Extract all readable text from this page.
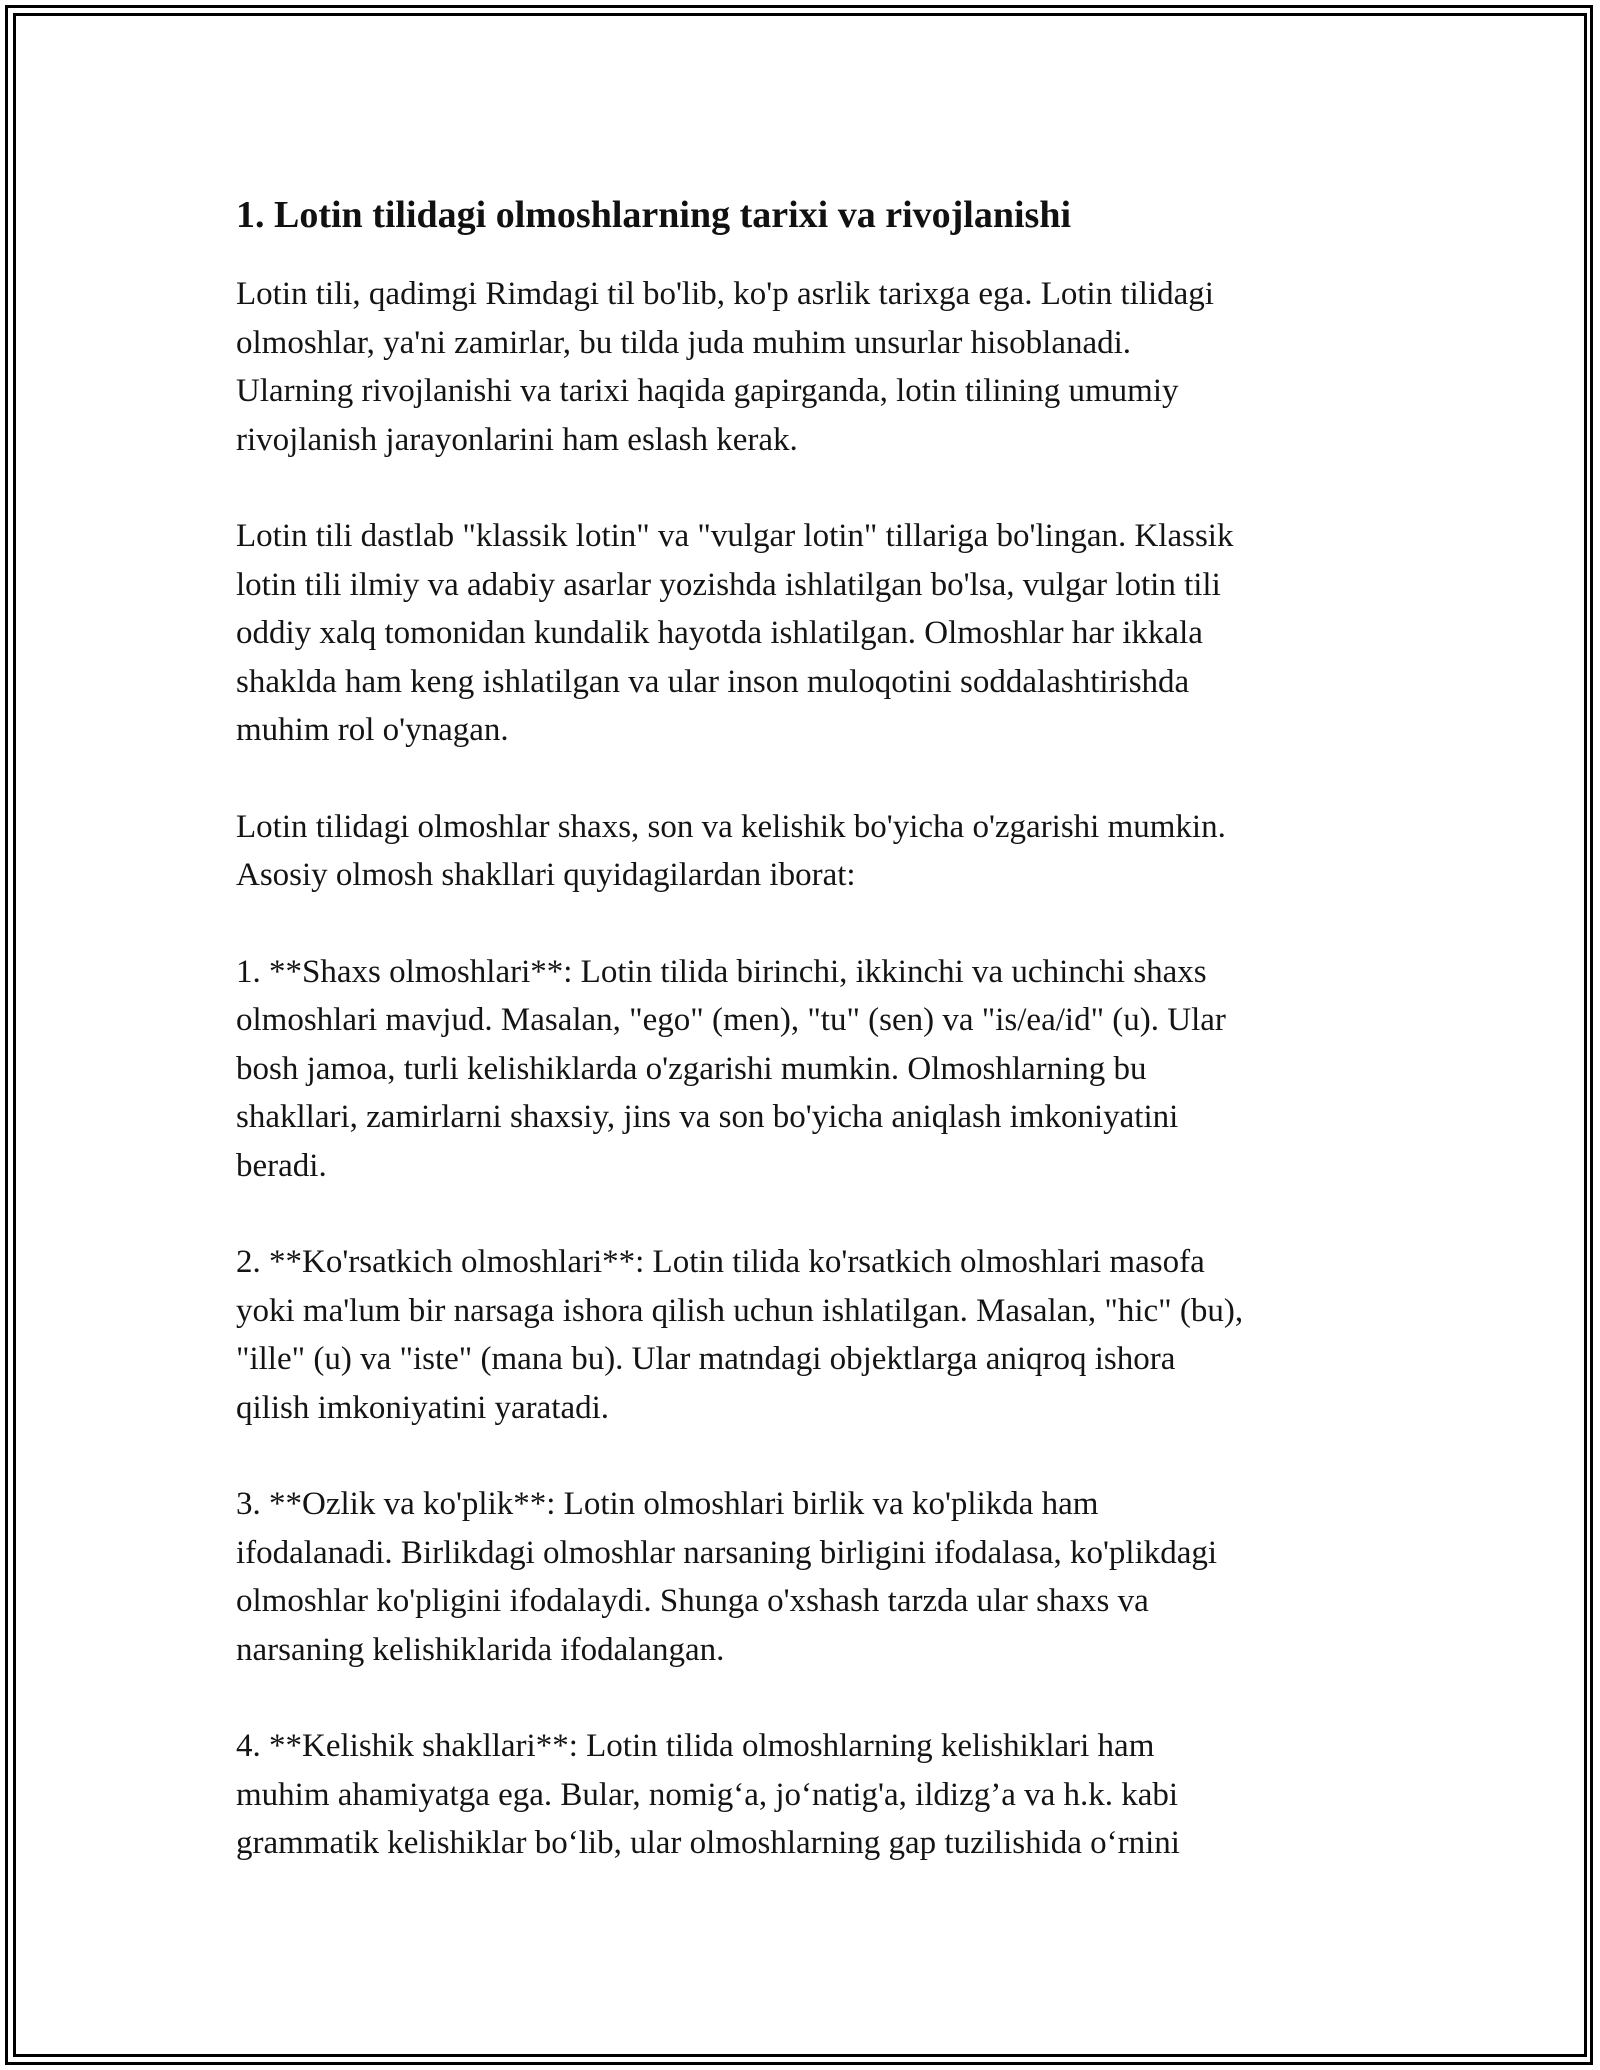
1. Lotin tilidagi olmoshlarning tarixi va rivojlanishi

Lotin tili, qadimgi Rimdagi til bo'lib, ko'p asrlik tarixga ega. Lotin tilidagi
olmoshlar, ya'ni zamirlar, bu tilda juda muhim unsurlar hisoblanadi.
Ularning rivojlanishi va tarixi haqida gapirganda, lotin tilining umumiy
rivojlanish jarayonlarini ham eslash kerak.

Lotin tili dastlab "klassik lotin" va "vulgar lotin" tillariga bo'lingan. Klassik
lotin tili ilmiy va adabiy asarlar yozishda ishlatilgan bo'lsa, vulgar lotin tili
oddiy xalq tomonidan kundalik hayotda ishlatilgan. Olmoshlar har ikkala
shaklda ham keng ishlatilgan va ular inson muloqotini soddalashtirishda
muhim rol o'ynagan.

Lotin tilidagi olmoshlar shaxs, son va kelishik bo'yicha o'zgarishi mumkin.
Asosiy olmosh shakllari quyidagilardan iborat:

1. **Shaxs olmoshlari**: Lotin tilida birinchi, ikkinchi va uchinchi shaxs
olmoshlari mavjud. Masalan, "ego" (men), "tu" (sen) va "is/ea/id" (u). Ular
bosh jamoa, turli kelishiklarda o'zgarishi mumkin. Olmoshlarning bu
shakllari, zamirlarni shaxsiy, jins va son bo'yicha aniqlash imkoniyatini
beradi.

2. **Ko'rsatkich olmoshlari**: Lotin tilida ko'rsatkich olmoshlari masofa
yoki ma'lum bir narsaga ishora qilish uchun ishlatilgan. Masalan, "hic" (bu),
"ille" (u) va "iste" (mana bu). Ular matndagi objektlarga aniqroq ishora
qilish imkoniyatini yaratadi.

3. **Ozlik va ko'plik**: Lotin olmoshlari birlik va ko'plikda ham
ifodalanadi. Birlikdagi olmoshlar narsaning birligini ifodalasa, ko'plikdagi
olmoshlar ko'pligini ifodalaydi. Shunga o'xshash tarzda ular shaxs va
narsaning kelishiklarida ifodalangan.

4. **Kelishik shakllari**: Lotin tilida olmoshlarning kelishiklari ham
muhim ahamiyatga ega. Bular, nomig‘a, jo‘natig'a, ildizg’a va h.k. kabi
grammatik kelishiklar bo‘lib, ular olmoshlarning gap tuzilishida o‘rnini
